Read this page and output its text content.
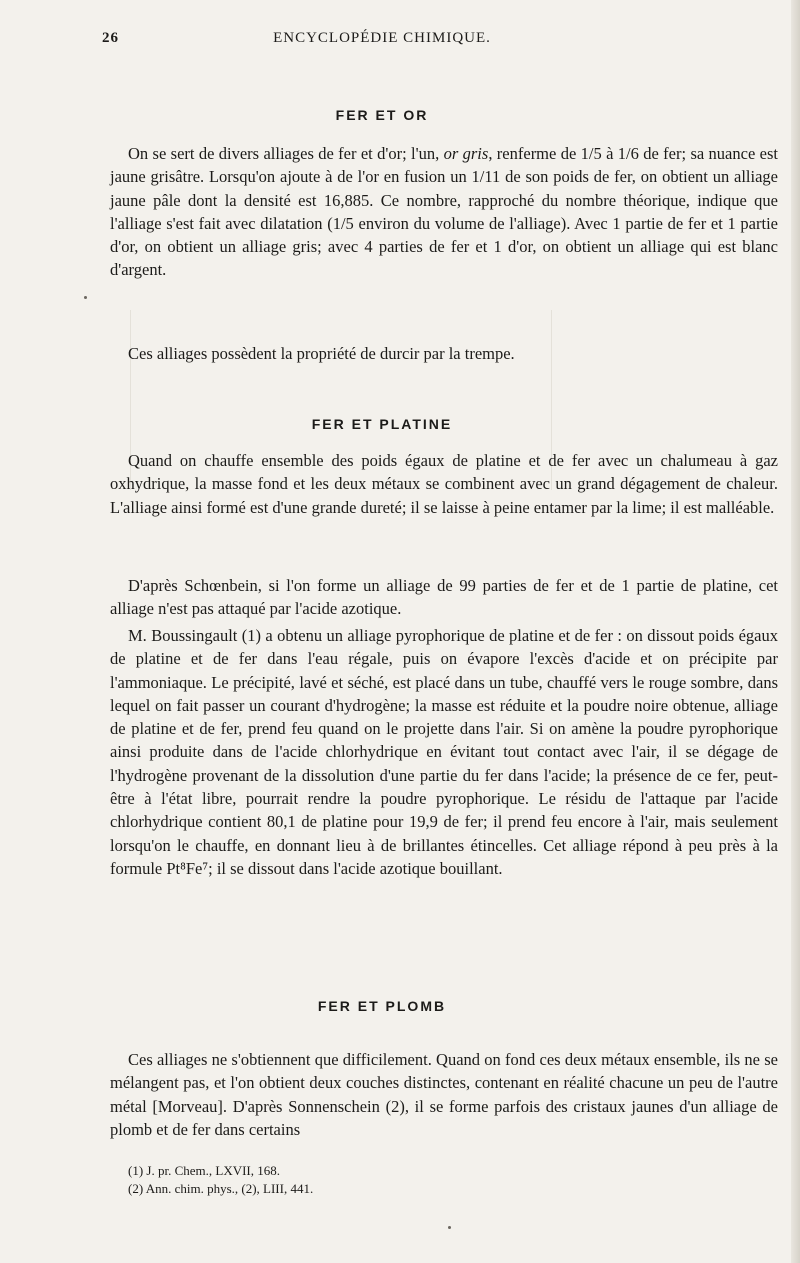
26	ENCYCLOPÉDIE CHIMIQUE.
FER ET OR

On se sert de divers alliages de fer et d'or; l'un, or gris, renferme de 1/5 à 1/6 de fer; sa nuance est jaune grisâtre. Lorsqu'on ajoute à de l'or en fusion un 1/11 de son poids de fer, on obtient un alliage jaune pâle dont la densité est 16,885. Ce nombre, rapproché du nombre théorique, indique que l'alliage s'est fait avec dilatation (1/5 environ du volume de l'alliage). Avec 1 partie de fer et 1 partie d'or, on obtient un alliage gris; avec 4 parties de fer et 1 d'or, on obtient un alliage qui est blanc d'argent.

Ces alliages possèdent la propriété de durcir par la trempe.

FER ET PLATINE

Quand on chauffe ensemble des poids égaux de platine et de fer avec un chalumeau à gaz oxhydrique, la masse fond et les deux métaux se combinent avec un grand dégagement de chaleur. L'alliage ainsi formé est d'une grande dureté; il se laisse à peine entamer par la lime; il est malléable.

D'après Schœnbein, si l'on forme un alliage de 99 parties de fer et de 1 partie de platine, cet alliage n'est pas attaqué par l'acide azotique.

M. Boussingault (1) a obtenu un alliage pyrophorique de platine et de fer : on dissout poids égaux de platine et de fer dans l'eau régale, puis on évapore l'excès d'acide et on précipite par l'ammoniaque. Le précipité, lavé et séché, est placé dans un tube, chauffé vers le rouge sombre, dans lequel on fait passer un courant d'hydrogène; la masse est réduite et la poudre noire obtenue, alliage de platine et de fer, prend feu quand on le projette dans l'air. Si on amène la poudre pyrophorique ainsi produite dans de l'acide chlorhydrique en évitant tout contact avec l'air, il se dégage de l'hydrogène provenant de la dissolution d'une partie du fer dans l'acide; la présence de ce fer, peut-être à l'état libre, pourrait rendre la poudre pyrophorique. Le résidu de l'attaque par l'acide chlorhydrique contient 80,1 de platine pour 19,9 de fer; il prend feu encore à l'air, mais seulement lorsqu'on le chauffe, en donnant lieu à de brillantes étincelles. Cet alliage répond à peu près à la formule Pt⁸Fe⁷; il se dissout dans l'acide azotique bouillant.

FER ET PLOMB

Ces alliages ne s'obtiennent que difficilement. Quand on fond ces deux métaux ensemble, ils ne se mélangent pas, et l'on obtient deux couches distinctes, contenant en réalité chacune un peu de l'autre métal [Morveau]. D'après Sonnenschein (2), il se forme parfois des cristaux jaunes d'un alliage de plomb et de fer dans certains

(1) J. pr. Chem., LXVII, 168.
(2) Ann. chim. phys., (2), LIII, 441.
